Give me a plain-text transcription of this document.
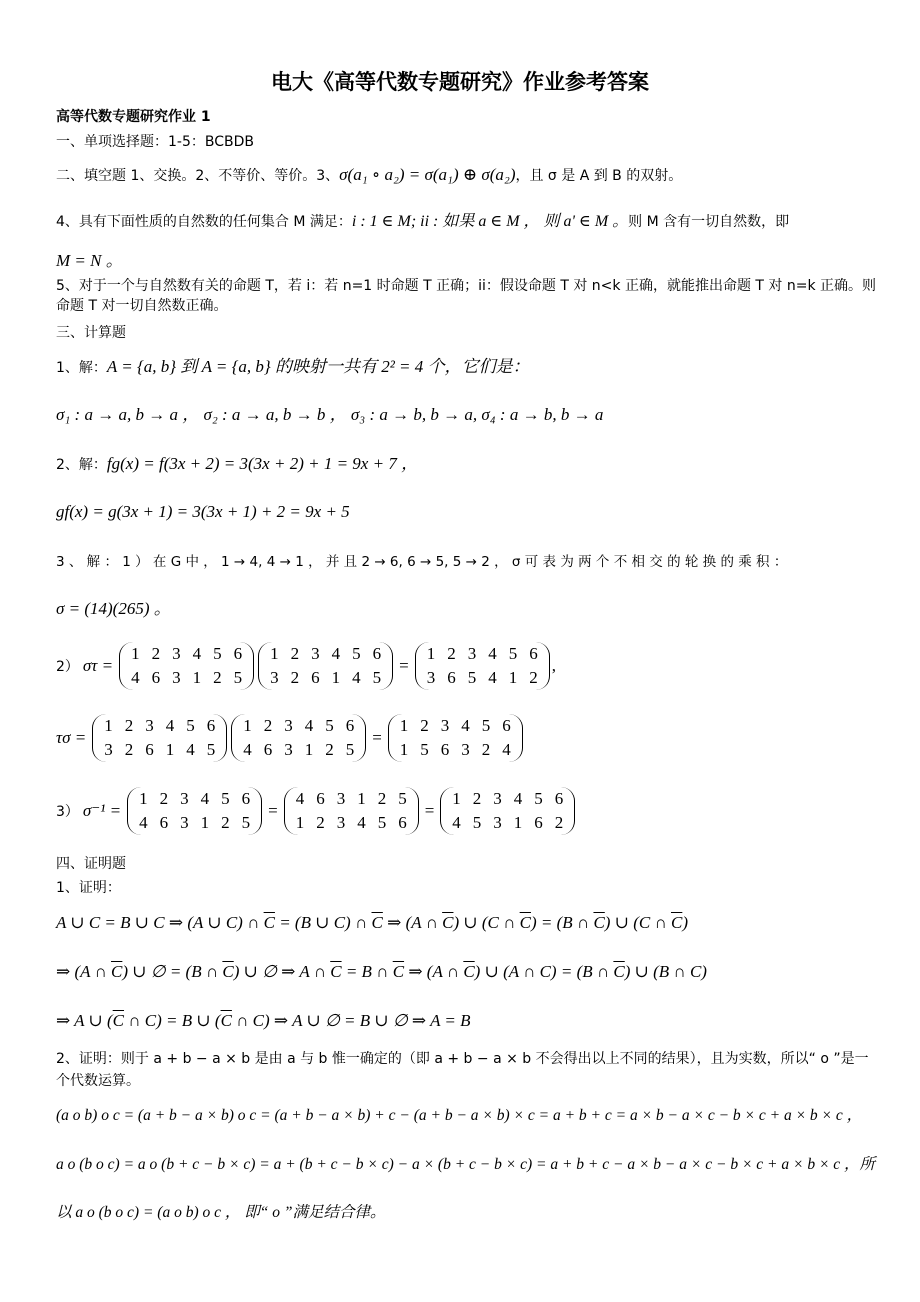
电大《高等代数专题研究》作业参考答案
高等代数专题研究作业 1
一、单项选择题：1-5：BCBDB
二、填空题 1、交换。2、不等价、等价。3、σ(a₁ ∘ a₂) = σ(a₁) ⊕ σ(a₂)，且 σ 是 A 到 B 的双射。
4、具有下面性质的自然数的任何集合 M 满足：i : 1 ∈ M; ii : 如果 a ∈ M ， 则 a' ∈ M 。则 M 含有一切自然数，即
M = N 。
5、对于一个与自然数有关的命题 T，若 i：若 n=1 时命题 T 正确；ii：假设命题 T 对 n<k 正确，就能推出命题 T 对 n=k 正确。则命题 T 对一切自然数正确。
三、计算题
1、解：A = {a, b} 到 A = {a, b} 的映射一共有 2² = 4 个，它们是：
σ₁ : a → a, b → a ， σ₂ : a → a, b → b ， σ₃ : a → b, b → a, σ₄ : a → b, b → a
2、解：fg(x) = f(3x + 2) = 3(3x + 2) + 1 = 9x + 7 ，
gf(x) = g(3x + 1) = 3(3x + 1) + 2 = 9x + 5
3 、 解 ： 1 ） 在 G 中 ， 1 → 4, 4 → 1 ， 并 且 2 → 6, 6 → 5, 5 → 2 ， σ 可 表 为 两 个 不 相 交 的 轮 换 的 乘 积 ：
σ = (14)(265) 。
2） στ =
1	2	3	4	5	6
4	6	3	1	2	5
1	2	3	4	5	6
3	2	6	1	4	5
=
1	2	3	4	5	6
3	6	5	4	1	2
,
τσ =
1	2	3	4	5	6
3	2	6	1	4	5
1	2	3	4	5	6
4	6	3	1	2	5
=
1	2	3	4	5	6
1	5	6	3	2	4
3） σ⁻¹ =
1	2	3	4	5	6
4	6	3	1	2	5
=
4	6	3	1	2	5
1	2	3	4	5	6
=
1	2	3	4	5	6
4	5	3	1	6	2
四、证明题
1、证明：
A ∪ C = B ∪ C ⇒ (A ∪ C) ∩ $\overline{C} = (B$ ∪ C) ∩ $\overline{C}$ ⇒ (A ∩ $\overline{C}$) ∪ (C ∩ $\overline{C}) = (B$ ∩ $\overline{C}$) ∪ (C ∩ $\overline{C}$)
⇒ (A ∩ $\overline{C}$) ∪ ∅ = (B ∩ $\overline{C}$) ∪ ∅ ⇒ A ∩ $\overline{C} = B$ ∩ $\overline{C}$ ⇒ (A ∩ $\overline{C}$) ∪ (A ∩ C) = (B ∩ $\overline{C}$) ∪ (B ∩ C)
⇒ A ∪ ($\overline{C}$ ∩ C) = B ∪ ($\overline{C}$ ∩ C) ⇒ A ∪ ∅ = B ∪ ∅ ⇒ A = B
2、证明：则于 a + b − a × b 是由 a 与 b 惟一确定的（即 a + b − a × b 不会得出以上不同的结果），且为实数，所以“ o ”是一个代数运算。
(a o b) o c = (a + b − a × b) o c = (a + b − a × b) + c − (a + b − a × b) × c = a + b + c = a × b − a × c − b × c + a × b × c ，
a o (b o c) = a o (b + c − b × c) = a + (b + c − b × c) − a × (b + c − b × c) = a + b + c − a × b − a × c − b × c + a × b × c ，所
以 a o (b o c) = (a o b) o c ， 即“ o ”满足结合律。
